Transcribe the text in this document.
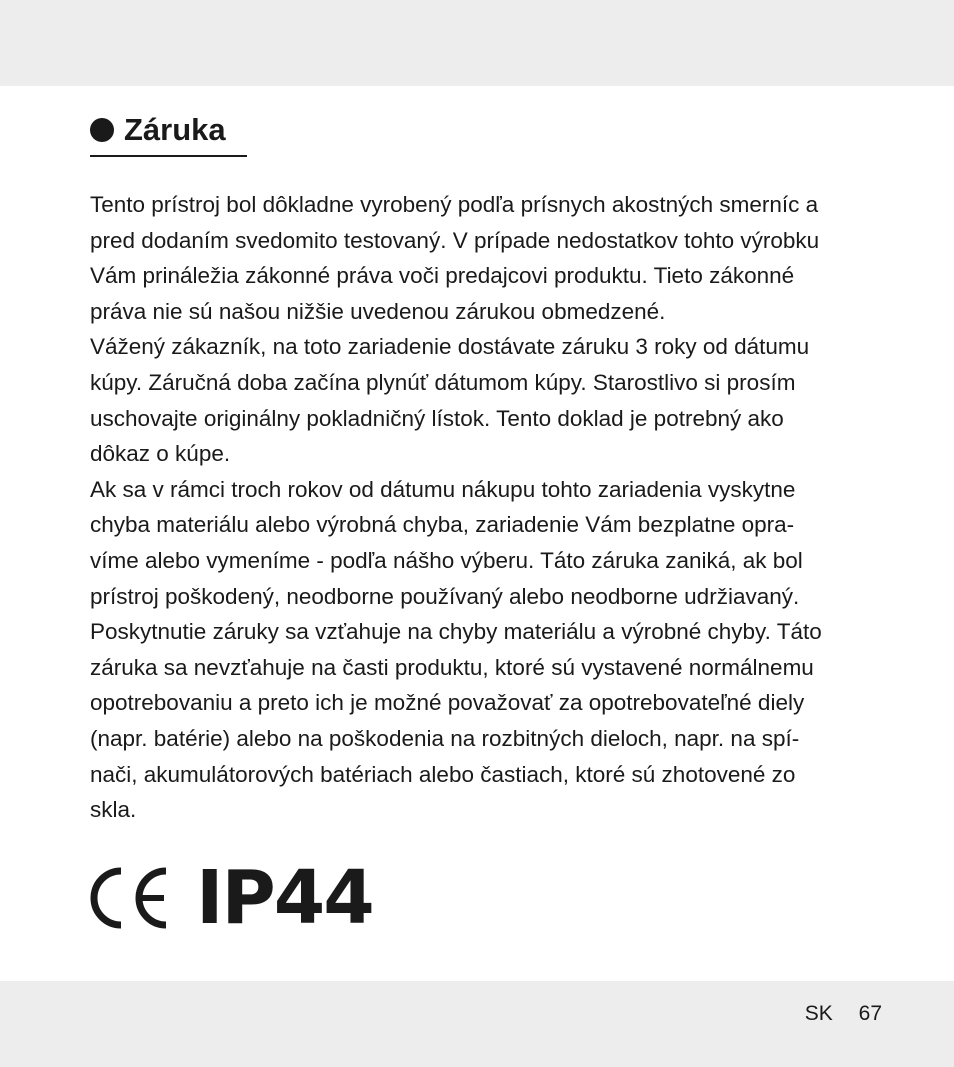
Záruka
Tento prístroj bol dôkladne vyrobený podľa prísnych akostných smerníc a
pred dodaním svedomito testovaný. V prípade nedostatkov tohto výrobku
Vám prináležia zákonné práva voči predajcovi produktu. Tieto zákonné
práva nie sú našou nižšie uvedenou zárukou obmedzené.
Vážený zákazník, na toto zariadenie dostávate záruku 3 roky od dátumu
kúpy. Záručná doba začína plynúť dátumom kúpy. Starostlivo si prosím
uschovajte originálny pokladničný lístok. Tento doklad je potrebný ako
dôkaz o kúpe.
Ak sa v rámci troch rokov od dátumu nákupu tohto zariadenia vyskytne
chyba materiálu alebo výrobná chyba, zariadenie Vám bezplatne opra-
víme alebo vymeníme - podľa nášho výberu. Táto záruka zaniká, ak bol
prístroj poškodený, neodborne používaný alebo neodborne udržiavaný.
Poskytnutie záruky sa vzťahuje na chyby materiálu a výrobné chyby. Táto
záruka sa nevzťahuje na časti produktu, ktoré sú vystavené normálnemu
opotrebovaniu a preto ich je možné považovať za opotrebovateľné diely
(napr. batérie) alebo na poškodenia na rozbitných dieloch, napr. na spí-
nači, akumulátorových batériach alebo častiach, ktoré sú zhotovené zo
skla.
IP44
SK 67
